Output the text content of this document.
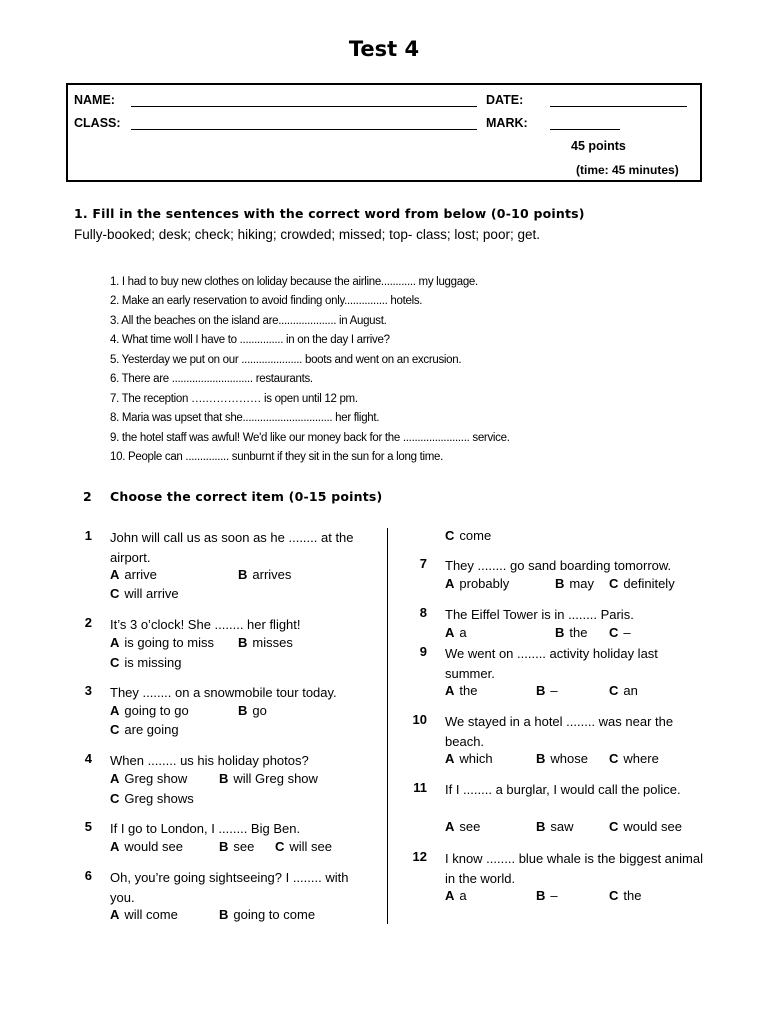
Test 4
NAME:	DATE:
CLASS:	MARK:
45 points
(time: 45 minutes)
1. Fill in the sentences with the correct word from below (0-10 points)
Fully-booked; desk; check; hiking; crowded; missed; top- class; lost; poor; get.
1. I had to buy new clothes on loliday because the airline............ my luggage.
2. Make an early reservation to avoid finding only............... hotels.
3. All the beaches on the island are.................... in August.
4. What time woll I have to ............... in on the day I arrive?
5. Yesterday we put on our ..................... boots and went on an excrusion.
6. There are ............................ restaurants.
7. The reception ….…………… is open until 12 pm.
8. Maria was upset that she............................... her flight.
9. the hotel staff was awful! We'd like our money back for the ....................... service.
10. People can ............... sunburnt if they sit in the sun for a long time.
2 Choose the correct item (0-15 points)
1 John will call us as soon as he ........ at the airport.
A arrive	B arrives
C will arrive
2 It’s 3 o’clock! She ........ her flight!
A is going to miss B misses
C is missing
3 They ........ on a snowmobile tour today.
A going to go	B go
C are going
4 When ........ us his holiday photos?
A Greg show B will Greg show
C Greg shows
5 If I go to London, I ........ Big Ben.
A would see	B see C will see
6 Oh, you’re going sightseeing? I ........ with you.
A will come	B going to come
C come
7 They ........ go sand boarding tomorrow.
A probably	B may C definitely
8 The Eiffel Tower is in ........ Paris.
A a	B the C –
9 We went on ........ activity holiday last summer.
A the	B –	C an
10 We stayed in a hotel ........ was near the beach.
A which	B whose C where
11 If I ........ a burglar, I would call the police.
A see	B saw	C would see
12 I know ........ blue whale is the biggest animal in the world.
A a	B –	C the
